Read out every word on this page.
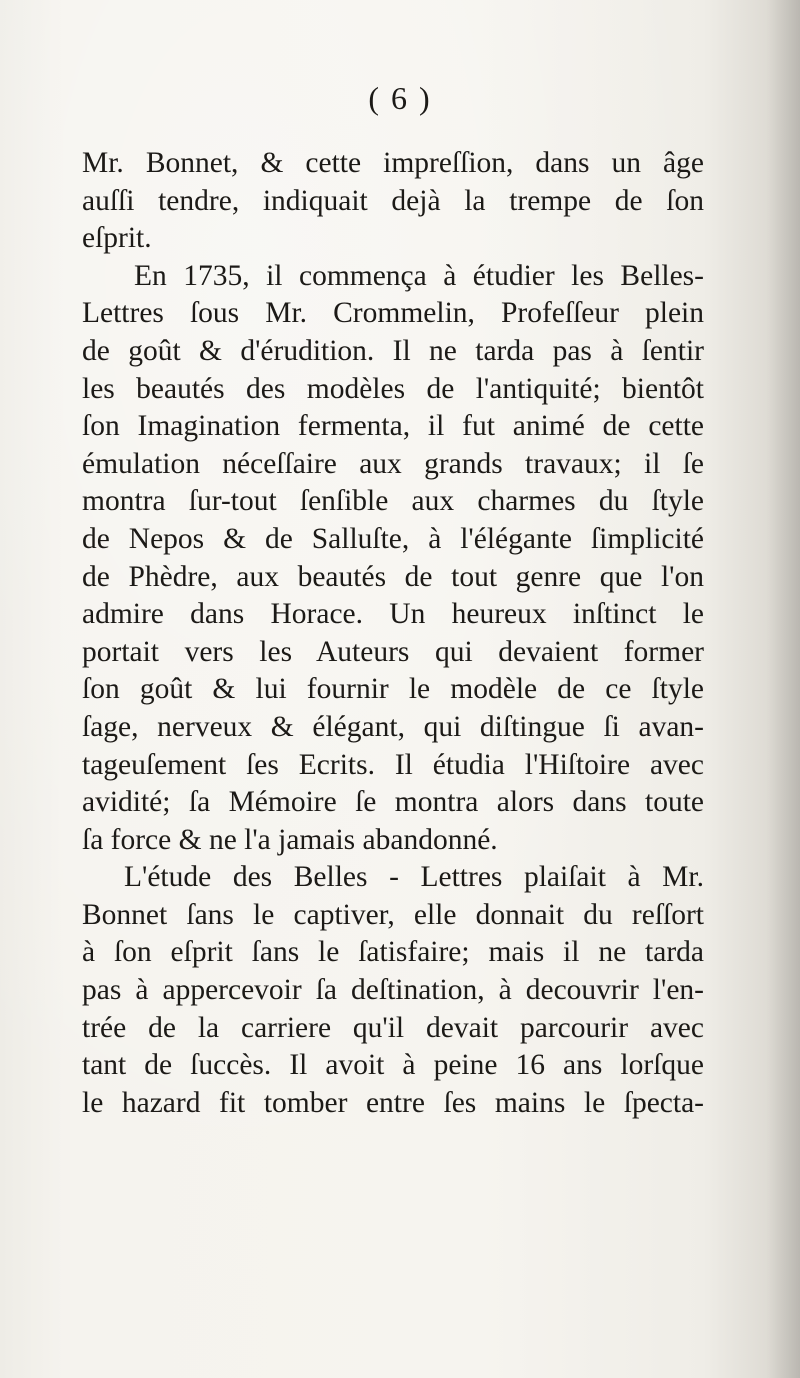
( 6 )
Mr. Bonnet, & cette impreſſion, dans un âge
auſſi tendre, indiquait dejà la trempe de ſon
eſprit.
En 1735, il commença à étudier les Belles-
Lettres ſous Mr. Crommelin, Profeſſeur plein
de goût & d'érudition. Il ne tarda pas à ſentir
les beautés des modèles de l'antiquité; bientôt
ſon Imagination fermenta, il fut animé de cette
émulation néceſſaire aux grands travaux; il ſe
montra ſur-tout ſenſible aux charmes du ſtyle
de Nepos & de Salluſte, à l'élégante ſimplicité
de Phèdre, aux beautés de tout genre que l'on
admire dans Horace. Un heureux inſtinct le
portait vers les Auteurs qui devaient former
ſon goût & lui fournir le modèle de ce ſtyle
ſage, nerveux & élégant, qui diſtingue ſi avan-
tageuſement ſes Ecrits. Il étudia l'Hiſtoire avec
avidité; ſa Mémoire ſe montra alors dans toute
ſa force & ne l'a jamais abandonné.
L'étude des Belles - Lettres plaiſait à Mr.
Bonnet ſans le captiver, elle donnait du reſſort
à ſon eſprit ſans le ſatisfaire; mais il ne tarda
pas à appercevoir ſa deſtination, à decouvrir l'en-
trée de la carriere qu'il devait parcourir avec
tant de ſuccès. Il avoit à peine 16 ans lorſque
le hazard fit tomber entre ſes mains le ſpecta-
